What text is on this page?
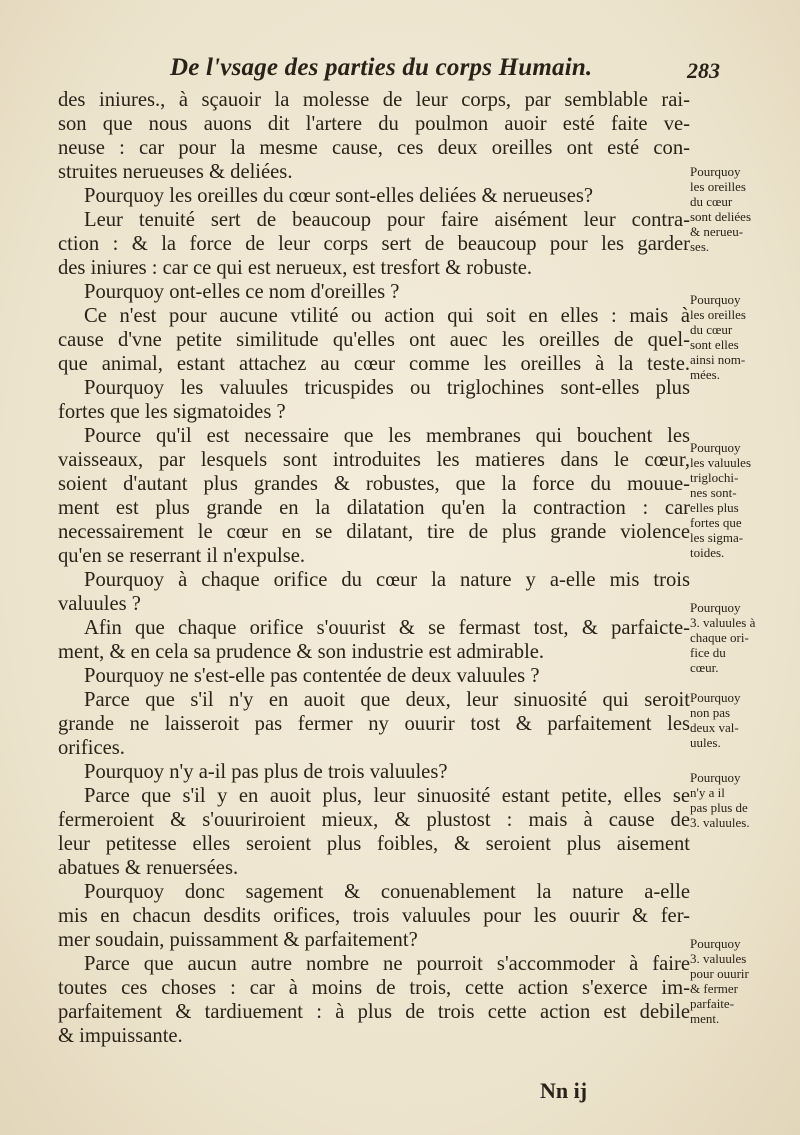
De l'vsage des parties du corps Humain.	283
des iniures., à sçauoir la molesse de leur corps, par semblable rai-
son que nous auons dit l'artere du poulmon auoir esté faite ve-
neuse : car pour la mesme cause, ces deux oreilles ont esté con-
struites nerueuses & deliées.
Pourquoy les oreilles du cœur sont-elles deliées & nerueuses?
Leur tenuité sert de beaucoup pour faire aisément leur contra-
ction : & la force de leur corps sert de beaucoup pour les garder
des iniures : car ce qui est nerueux, est tresfort & robuste.
Pourquoy ont-elles ce nom d'oreilles ?
Ce n'est pour aucune vtilité ou action qui soit en elles : mais à
cause d'vne petite similitude qu'elles ont auec les oreilles de quel-
que animal, estant attachez au cœur comme les oreilles à la teste.
Pourquoy les valuules tricuspides ou triglochines sont-elles plus
fortes que les sigmatoides ?
Pource qu'il est necessaire que les membranes qui bouchent les
vaisseaux, par lesquels sont introduites les matieres dans le cœur,
soient d'autant plus grandes & robustes, que la force du mouue-
ment est plus grande en la dilatation qu'en la contraction : car
necessairement le cœur en se dilatant, tire de plus grande violence
qu'en se reserrant il n'expulse.
Pourquoy à chaque orifice du cœur la nature y a-elle mis trois
valuules ?
Afin que chaque orifice s'ouurist & se fermast tost, & parfaicte-
ment, & en cela sa prudence & son industrie est admirable.
Pourquoy ne s'est-elle pas contentée de deux valuules ?
Parce que s'il n'y en auoit que deux, leur sinuosité qui seroit
grande ne laisseroit pas fermer ny ouurir tost & parfaitement les
orifices.
Pourquoy n'y a-il pas plus de trois valuules?
Parce que s'il y en auoit plus, leur sinuosité estant petite, elles se
fermeroient & s'ouuriroient mieux, & plustost : mais à cause de
leur petitesse elles seroient plus foibles, & seroient plus aisement
abatues & renuersées.
Pourquoy donc sagement & conuenablement la nature a-elle
mis en chacun desdits orifices, trois valuules pour les ouurir & fer-
mer soudain, puissamment & parfaitement?
Parce que aucun autre nombre ne pourroit s'accommoder à faire
toutes ces choses : car à moins de trois, cette action s'exerce im-
parfaitement & tardiuement : à plus de trois cette action est debile
& impuissante.
Pourquoy
les oreilles
du cœur
sont deliées
& nerueu-
ses.
Pourquoy
les oreilles
du cœur
sont elles
ainsi nom-
mées.
Pourquoy
les valuules
triglochi-
nes sont-
elles plus
fortes que
les sigma-
toides.
Pourquoy
3. valuules à
chaque ori-
fice du
cœur.
Pourquoy
non pas
deux val-
uules.
Pourquoy
n'y a il
pas plus de
3. valuules.
Pourquoy
3. valuules
pour ouurir
& fermer
parfaite-
ment.
Nn ij
